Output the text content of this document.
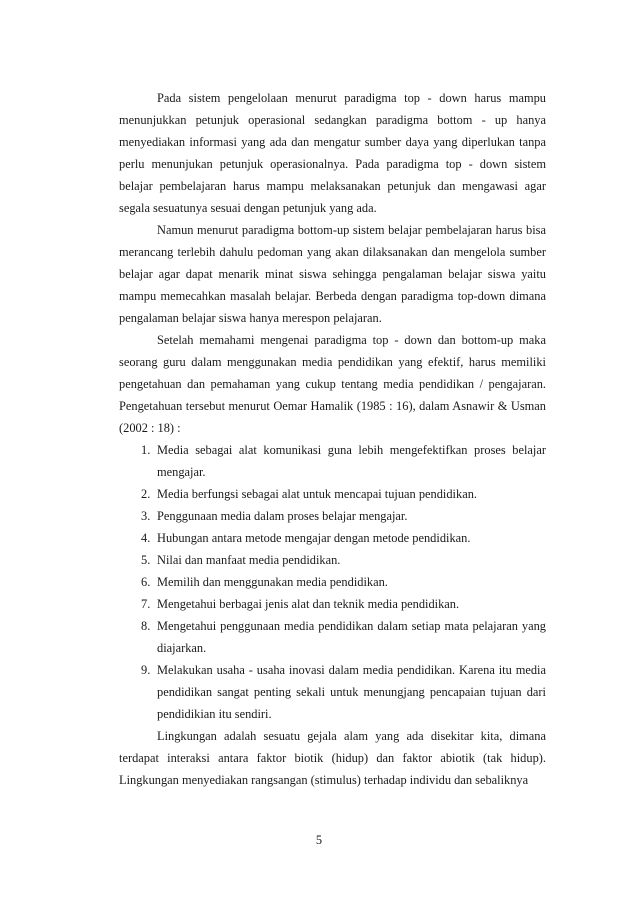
Pada sistem pengelolaan menurut paradigma top - down harus mampu menunjukkan petunjuk operasional sedangkan paradigma bottom - up hanya menyediakan informasi yang ada dan mengatur sumber daya yang diperlukan tanpa perlu menunjukan petunjuk operasionalnya. Pada paradigma top - down sistem belajar pembelajaran harus mampu melaksanakan petunjuk dan mengawasi agar segala sesuatunya sesuai dengan petunjuk yang ada.

Namun menurut paradigma bottom-up sistem belajar pembelajaran harus bisa merancang terlebih dahulu pedoman yang akan dilaksanakan dan mengelola sumber belajar agar dapat menarik minat siswa sehingga pengalaman belajar siswa yaitu mampu memecahkan masalah belajar. Berbeda dengan paradigma top-down dimana pengalaman belajar siswa hanya merespon pelajaran.

Setelah memahami mengenai paradigma top - down dan bottom-up maka seorang guru dalam menggunakan media pendidikan yang efektif, harus memiliki pengetahuan dan pemahaman yang cukup tentang media pendidikan / pengajaran. Pengetahuan tersebut menurut Oemar Hamalik (1985 : 16), dalam Asnawir & Usman (2002 : 18) :

1. Media sebagai alat komunikasi guna lebih mengefektifkan proses belajar mengajar.
2. Media berfungsi sebagai alat untuk mencapai tujuan pendidikan.
3. Penggunaan media dalam proses belajar mengajar.
4. Hubungan antara metode mengajar dengan metode pendidikan.
5. Nilai dan manfaat media pendidikan.
6. Memilih dan menggunakan media pendidikan.
7. Mengetahui berbagai jenis alat dan teknik media pendidikan.
8. Mengetahui penggunaan media pendidikan dalam setiap mata pelajaran yang diajarkan.
9. Melakukan usaha - usaha inovasi dalam media pendidikan. Karena itu media pendidikan sangat penting sekali untuk menungjang pencapaian tujuan dari pendidikian itu sendiri.

Lingkungan adalah sesuatu gejala alam yang ada disekitar kita, dimana terdapat interaksi antara faktor biotik (hidup) dan faktor abiotik (tak hidup). Lingkungan menyediakan rangsangan (stimulus) terhadap individu dan sebaliknya

5
